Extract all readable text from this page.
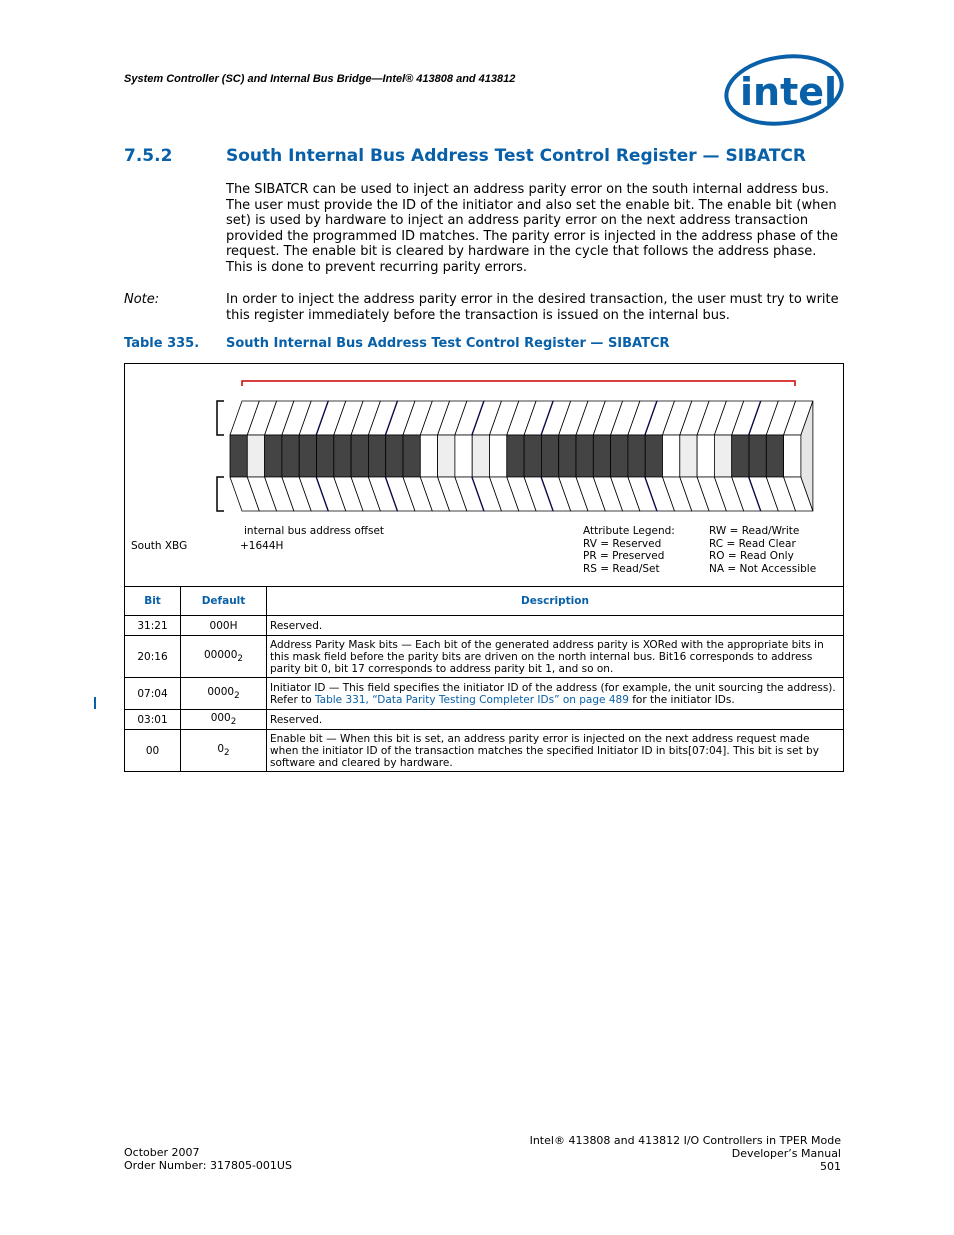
System Controller (SC) and Internal Bus Bridge—Intel® 413808 and 413812	intel
7.5.2	South Internal Bus Address Test Control Register — SIBATCR
The SIBATCR can be used to inject an address parity error on the south internal address bus. The user must provide the ID of the initiator and also set the enable bit. The enable bit (when set) is used by hardware to inject an address parity error on the next address transaction provided the programmed ID matches. The parity error is injected in the address phase of the request. The enable bit is cleared by hardware in the cycle that follows the address phase. This is done to prevent recurring parity errors.
Note:	In order to inject the address parity error in the desired transaction, the user must try to write this register immediately before the transaction is issued on the internal bus.
Table 335. South Internal Bus Address Test Control Register — SIBATCR
internal bus address offset
South XBG	+1644H
Attribute Legend:
RV = Reserved
PR = Preserved
RS = Read/Set
RW = Read/Write
RC = Read Clear
RO = Read Only
NA = Not Accessible
Bit	Default	Description
31:21	000H	Reserved.
20:16	$00000_2$	Address Parity Mask bits — Each bit of the generated address parity is XORed with the appropriate bits in this mask field before the parity bits are driven on the north internal bus. Bit16 corresponds to address parity bit 0, bit 17 corresponds to address parity bit 1, and so on.
07:04	$0000_2$	Initiator ID — This field specifies the initiator ID of the address (for example, the unit sourcing the address). Refer to Table 331, “Data Parity Testing Completer IDs” on page 489 for the initiator IDs.
03:01	$000_2$	Reserved.
00	$0_2$	Enable bit — When this bit is set, an address parity error is injected on the next address request made when the initiator ID of the transaction matches the specified Initiator ID in bits[07:04]. This bit is set by software and cleared by hardware.
October 2007
Order Number: 317805-001US
Intel® 413808 and 413812 I/O Controllers in TPER Mode
Developer’s Manual
501
